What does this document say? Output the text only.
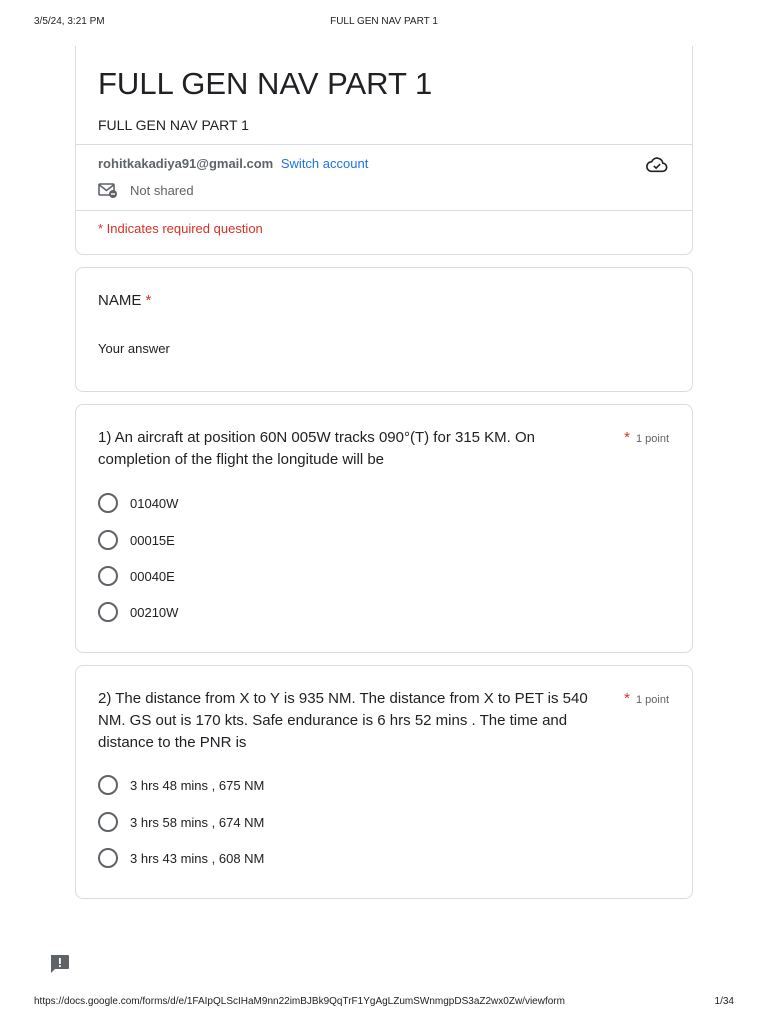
3/5/24, 3:21 PM	FULL GEN NAV PART 1
FULL GEN NAV PART 1
FULL GEN NAV PART 1
rohitkakadiya91@gmail.com Switch account
Not shared
* Indicates required question
NAME *
Your answer
1) An aircraft at position 60N 005W tracks 090°(T) for 315 KM. On completion of the flight the longitude will be
* 1 point
01040W
00015E
00040E
00210W
2) The distance from X to Y is 935 NM. The distance from X to PET is 540 NM. GS out is 170 kts. Safe endurance is 6 hrs 52 mins . The time and distance to the PNR is
* 1 point
3 hrs 48 mins , 675 NM
3 hrs 58 mins , 674 NM
3 hrs 43 mins , 608 NM
https://docs.google.com/forms/d/e/1FAIpQLScIHaM9nn22imBJBk9QqTrF1YgAgLZumSWnmgpDS3aZ2wx0Zw/viewform	1/34
